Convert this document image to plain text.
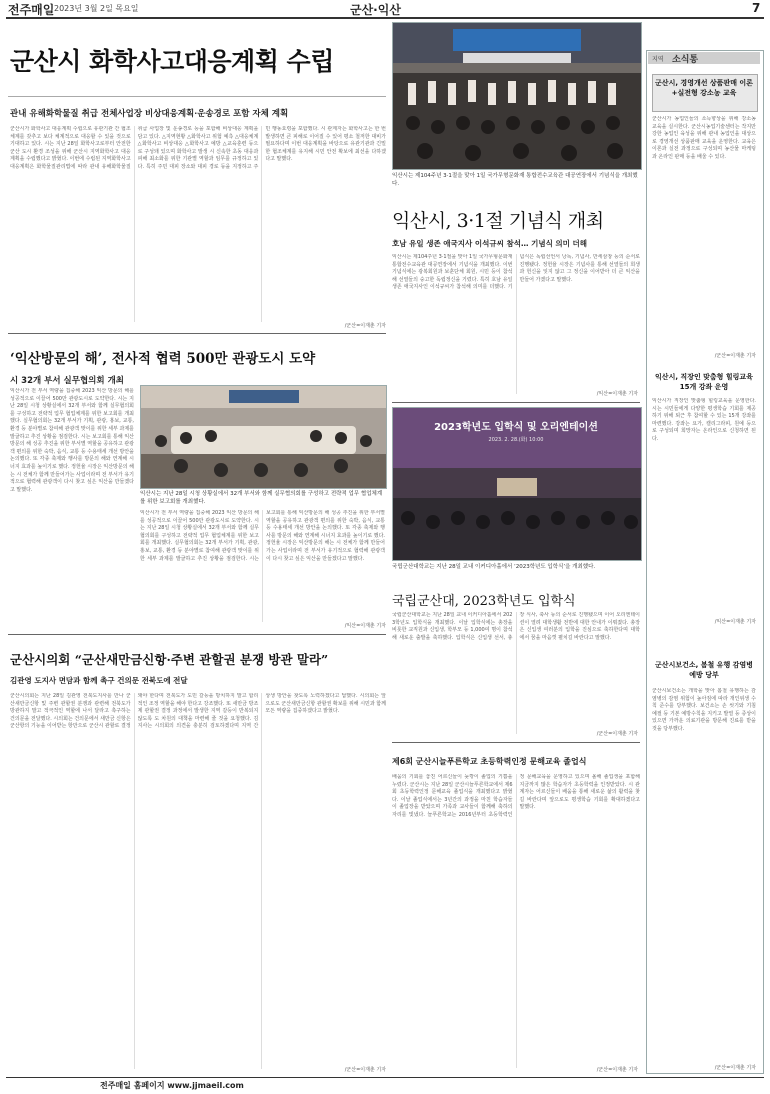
전주매일 2023년 3월 2일 목요일	군산·익산	7
군산시 화학사고대응계획 수립
관내 유해화학물질 취급 전체사업장 비상대응계획·운송경로 포함 자체 계획
군산시가 화학사고 대응계획 수립으로 유관기관 간 협조체계를 갖추고 보다 체계적으로 대응할 수 있을 것으로 기대하고 있다. 시는 지난 28일 화학사고로부터 안전한 군산 도시 환경 조성을 위해 군산시 지역화학사고 대응계획을 수립했다고 밝혔다. 이번에 수립된 지역화학사고 대응계획은 화학물질관리법에 따라 관내 유해화학물질 취급 사업장 및 운송경로 등을 포함해 비상대응 계획을 담고 있다. △지역현황 △화학사고 위험 예측 △대응체계 △화학사고 비상대응 △화학사고 예방 △교육훈련 등으로 구성돼 있으며 화학사고 발생 시 신속한 초동 대응과 피해 최소화를 위한 기관별 역할과 임무를 규정하고 있다. 특히 주민 대피 장소와 대피 경로 등을 지정하고 주민 행동요령을 포함했다. 시 관계자는 화학사고는 한 번 발생하면 큰 피해로 이어질 수 있어 평소 철저한 대비가 필요하다며 이번 대응계획을 바탕으로 유관기관과 긴밀한 협조체계를 유지해 시민 안전 확보에 최선을 다하겠다고 말했다.
/군산=이재춘 기자
‘익산방문의 해’, 전사적 협력 500만 관광도시 도약
시 32개 부서 실무협의회 개최
익산시가 전 부서 역량을 집중해 2023 익산 방문의 해를 성공적으로 이끌어 500만 관광도시로 도약한다. 시는 지난 28일 시청 상황실에서 32개 부서와 함께 실무협의회를 구성하고 전략적 업무 협업체계를 위한 보고회를 개최했다. 실무협의회는 32개 부서가 기획, 관광, 홍보, 교통, 환경 등 분야별로 참여해 관광객 맞이를 위한 세부 과제를 발굴하고 추진 상황을 점검한다. 시는 보고회를 통해 익산방문의 해 성공 추진을 위한 부서별 역할을 공유하고 관광객 편의를 위한 숙박, 음식, 교통 등 수용태세 개선 방안을 논의했다. 또 각종 축제와 행사를 방문의 해와 연계해 시너지 효과를 높이기로 했다. 정헌율 시장은 익산방문의 해는 시 전체가 함께 만들어가는 사업이라며 전 부서가 유기적으로 협력해 관광객이 다시 찾고 싶은 익산을 만들겠다고 말했다.
익산시는 지난 28일 시청 상황실에서 32개 부서와 함께 실무협의회를 구성하고 전략적 업무 협업체계를 위한 보고회를 개최했다.
익산시가 전 부서 역량을 집중해 2023 익산 방문의 해를 성공적으로 이끌어 500만 관광도시로 도약한다. 시는 지난 28일 시청 상황실에서 32개 부서와 함께 실무협의회를 구성하고 전략적 업무 협업체계를 위한 보고회를 개최했다. 실무협의회는 32개 부서가 기획, 관광, 홍보, 교통, 환경 등 분야별로 참여해 관광객 맞이를 위한 세부 과제를 발굴하고 추진 상황을 점검한다. 시는 보고회를 통해 익산방문의 해 성공 추진을 위한 부서별 역할을 공유하고 관광객 편의를 위한 숙박, 음식, 교통 등 수용태세 개선 방안을 논의했다. 또 각종 축제와 행사를 방문의 해와 연계해 시너지 효과를 높이기로 했다. 정헌율 시장은 익산방문의 해는 시 전체가 함께 만들어가는 사업이라며 전 부서가 유기적으로 협력해 관광객이 다시 찾고 싶은 익산을 만들겠다고 말했다.
/익산=이재춘 기자
군산시의회 “군산새만금신항·주변 관할권 분쟁 방관 말라”
김관영 도지사 면담과 함께 촉구 건의문 전북도에 전달
군산시의회는 지난 28일 김관영 전북도지사를 만나 군산새만금신항 및 주변 관할권 분쟁과 관련해 전북도가 방관하지 말고 적극적인 역할에 나서 달라고 촉구하는 건의문을 전달했다. 시의회는 건의문에서 새만금 신항은 군산항의 기능을 이어받는 항만으로 군산시 관할로 결정돼야 한다며 전북도가 도민 갈등을 방치하지 말고 합리적인 조정 역할을 해야 한다고 강조했다. 또 새만금 방조제 관할권 결정 과정에서 발생한 지역 갈등이 반복되지 않도록 도 차원의 대책을 마련해 줄 것을 요청했다. 김 지사는 시의회의 의견을 충분히 검토하겠다며 지역 간 상생 방안을 찾도록 노력하겠다고 답했다. 시의회는 앞으로도 군산새만금신항 관할권 확보를 위해 시민과 함께 모든 역량을 집중하겠다고 밝혔다.
/군산=이재춘 기자
익산시는 제104주년 3·1절을 맞아 1일 국가무형문화재 통합전수교육관 대공연장에서 기념식을 개최했다.
익산시, 3·1절 기념식 개최
호남 유일 생존 애국지사 이석규씨 참석… 기념식 의미 더해
익산시는 제104주년 3·1절을 맞아 1일 국가무형문화재 통합전수교육관 대공연장에서 기념식을 개최했다. 이번 기념식에는 광복회원과 보훈단체 회원, 시민 등이 참석해 선열들의 숭고한 독립정신을 기렸다. 특히 호남 유일 생존 애국지사인 이석규씨가 참석해 의미를 더했다. 기념식은 독립선언서 낭독, 기념사, 만세삼창 등의 순서로 진행됐다. 정헌율 시장은 기념사를 통해 선열들의 희생과 헌신을 잊지 않고 그 정신을 이어받아 더 큰 익산을 만들어 가겠다고 말했다.
/익산=이재춘 기자
2023학년도 입학식 및 오리엔테이션
2023. 2. 28.(화) 10:00
국립군산대학교는 지난 28일 교내 이커디아홀에서 ‘2023학년도 입학식’을 개최했다.
국립군산대, 2023학년도 입학식
국립군산대학교는 지난 28일 교내 이커디아홀에서 2023학년도 입학식을 개최했다. 이날 입학식에는 총장을 비롯한 교직원과 신입생, 학부모 등 1,000여 명이 참석해 새로운 출발을 축하했다. 입학식은 신입생 선서, 총장 식사, 축사 등의 순서로 진행됐으며 이어 오리엔테이션이 열려 대학생활 전반에 대한 안내가 이뤄졌다. 총장은 신입생 여러분의 입학을 진심으로 축하한다며 대학에서 꿈을 마음껏 펼치길 바란다고 말했다.
/군산=이재춘 기자
제6회 군산시늘푸른학교 초등학력인정 문해교육 졸업식
배움의 기회를 놓친 어르신들이 늦깎이 졸업의 기쁨을 누렸다. 군산시는 지난 28일 군산시늘푸른학교에서 제6회 초등학력인정 문해교육 졸업식을 개최했다고 밝혔다. 이날 졸업식에서는 3년간의 과정을 마친 학습자들이 졸업장을 받았으며 가족과 교사들이 함께해 축하의 자리를 빛냈다. 늘푸른학교는 2016년부터 초등학력인정 문해교육을 운영하고 있으며 올해 졸업생을 포함해 지금까지 많은 학습자가 초등학력을 인정받았다. 시 관계자는 어르신들이 배움을 통해 새로운 삶의 활력을 찾길 바란다며 앞으로도 평생학습 기회를 확대하겠다고 말했다.
/군산=이재춘 기자
지역 소식통
군산시, 경영개선 상품판매 이론+실전형 강소농 교육
군산시가 농업인들의 소득향상을 위해 강소농 교육을 실시한다. 군산시농업기술센터는 작지만 강한 농업인 육성을 위해 관내 농업인을 대상으로 경영개선 상품판매 교육을 운영한다. 교육은 이론과 실전 과정으로 구성되며 농산물 마케팅과 온라인 판매 등을 배울 수 있다.
/군산=이재춘 기자
익산시, 직장인 맞춤형 힐링교육 15개 강좌 운영
익산시가 직장인 맞춤형 힐링교육을 운영한다. 시는 시민들에게 다양한 평생학습 기회를 제공하기 위해 퇴근 후 참여할 수 있는 15개 강좌를 마련했다. 강좌는 요가, 캘리그라피, 원예 등으로 구성되며 희망자는 온라인으로 신청하면 된다.
/익산=이재춘 기자
군산시보건소, 봄철 유행 감염병 예방 당부
군산시보건소는 개학을 맞아 봄철 유행하는 감염병의 감염 위험이 높아짐에 따라 개인위생 수칙 준수를 당부했다. 보건소는 손 씻기와 기침 예절 등 기본 예방수칙을 지키고 발열 등 증상이 있으면 가까운 의료기관을 방문해 진료를 받을 것을 당부했다.
/군산=이재춘 기자
전주매일 홈페이지 www.jjmaeil.com
